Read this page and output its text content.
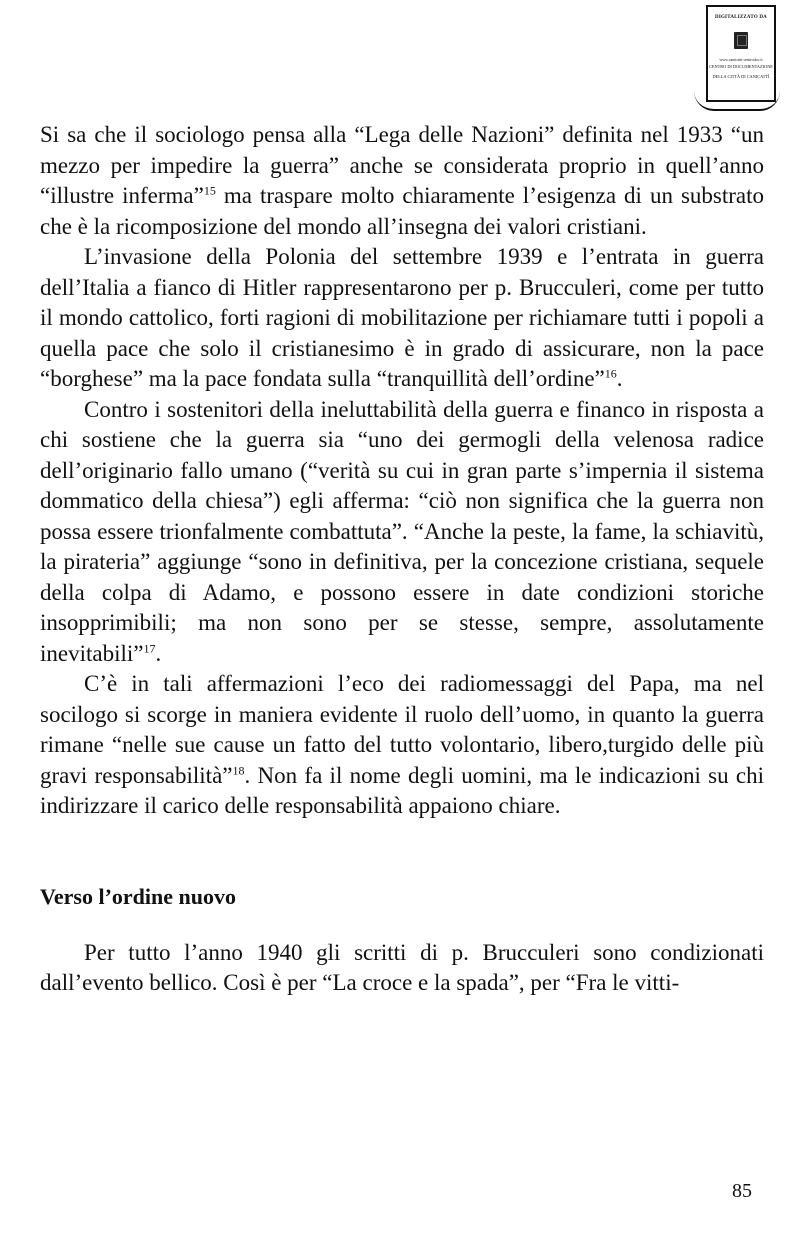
DIGITALIZZATO DA
www.canicatti-centrodoc.it
CENTRO DI DOCUMENTAZIONE
DELLA CITTÀ DI CANICATTÌ

Si sa che il sociologo pensa alla “Lega delle Nazioni” definita nel 1933 “un mezzo per impedire la guerra” anche se considerata proprio in quell’anno “illustre inferma”$^{15}$ ma traspare molto chiaramente l’esigenza di un substrato che è la ricomposizione del mondo all’insegna dei valori cristiani.

L’invasione della Polonia del settembre 1939 e l’entrata in guerra dell’Italia a fianco di Hitler rappresentarono per p. Brucculeri, come per tutto il mondo cattolico, forti ragioni di mobilitazione per richiamare tutti i popoli a quella pace che solo il cristianesimo è in grado di assicurare, non la pace “borghese” ma la pace fondata sulla “tranquillità dell’ordine”$^{16}$.

Contro i sostenitori della ineluttabilità della guerra e financo in risposta a chi sostiene che la guerra sia “uno dei germogli della velenosa radice dell’originario fallo umano (“verità su cui in gran parte s’impernia il sistema dommatico della chiesa”) egli afferma: “ciò non significa che la guerra non possa essere trionfalmente combattuta”. “Anche la peste, la fame, la schiavitù, la pirateria” aggiunge “sono in definitiva, per la concezione cristiana, sequele della colpa di Adamo, e possono essere in date condizioni storiche insopprimibili; ma non sono per se stesse, sempre, assolutamente inevitabili”$^{17}$.

C’è in tali affermazioni l’eco dei radiomessaggi del Papa, ma nel socilogo si scorge in maniera evidente il ruolo dell’uomo, in quanto la guerra rimane “nelle sue cause un fatto del tutto volontario, libero,turgido delle più gravi responsabilità”$^{18}$. Non fa il nome degli uomini, ma le indicazioni su chi indirizzare il carico delle responsabilità appaiono chiare.

Verso l’ordine nuovo

Per tutto l’anno 1940 gli scritti di p. Brucculeri sono condizionati dall’evento bellico. Così è per “La croce e la spada”, per “Fra le vitti-

85
